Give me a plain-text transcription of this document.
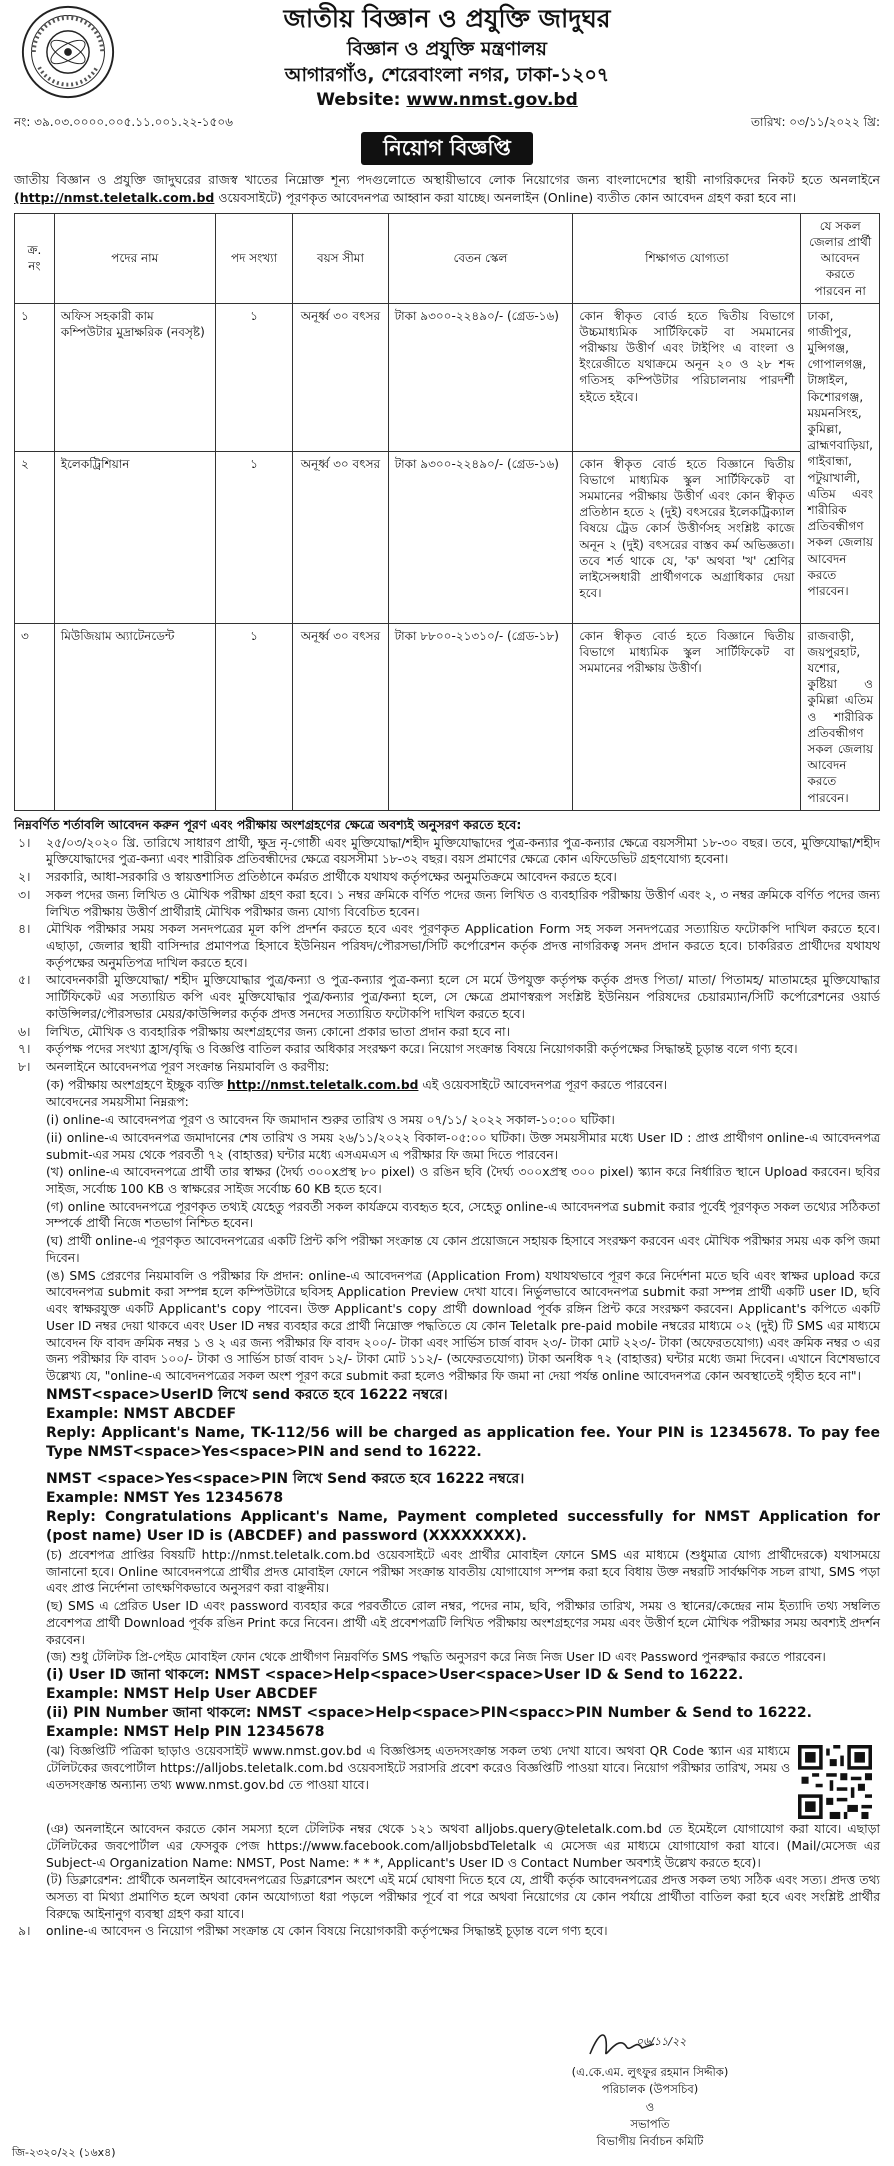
জাতীয় বিজ্ঞান ও প্রযুক্তি জাদুঘর
বিজ্ঞান ও প্রযুক্তি মন্ত্রণালয়
আগারগাঁও, শেরেবাংলা নগর, ঢাকা-১২০৭
Website: www.nmst.gov.bd
নং: ৩৯.০৩.০০০০.০০৫.১১.০০১.২২-১৫০৬	তারিখ: ০৩/১১/২০২২ খ্রি:
নিয়োগ বিজ্ঞপ্তি
জাতীয় বিজ্ঞান ও প্রযুক্তি জাদুঘরের রাজস্ব খাতের নিম্নোক্ত শূন্য পদগুলোতে অস্থায়ীভাবে লোক নিয়োগের জন্য বাংলাদেশের স্থায়ী নাগরিকদের নিকট হতে অনলাইনে (http://nmst.teletalk.com.bd ওয়েবসাইটে) পূরণকৃত আবেদনপত্র আহ্বান করা যাচ্ছে। অনলাইন (Online) ব্যতীত কোন আবেদন গ্রহণ করা হবে না।
ক্র. নং	পদের নাম	পদ সংখ্যা	বয়স সীমা	বেতন স্কেল	শিক্ষাগত যোগ্যতা	যে সকল জেলার প্রার্থী আবেদন করতে পারবেন না
১	অফিস সহকারী কাম কম্পিউটার মুদ্রাক্ষরিক (নবসৃষ্ট)	১	অনূর্ধ্ব ৩০ বৎসর	টাকা ৯৩০০-২২৪৯০/- (গ্রেড-১৬)	কোন স্বীকৃত বোর্ড হতে দ্বিতীয় বিভাগে উচ্চমাধ্যমিক সার্টিফিকেট বা সমমানের পরীক্ষায় উত্তীর্ণ এবং টাইপিং এ বাংলা ও ইংরেজীতে যথাক্রমে অনূন ২০ ও ২৮ শব্দ গতিসহ কম্পিউটার পরিচালনায় পারদর্শী হইতে হইবে।	ঢাকা, গাজীপুর, মুন্সিগঞ্জ, গোপালগঞ্জ, টাঙ্গাইল, কিশোরগঞ্জ, ময়মনসিংহ, কুমিল্লা, ব্রাহ্মণবাড়িয়া, গাইবান্ধা, পটুয়াখালী, এতিম এবং শারীরিক প্রতিবন্ধীগণ সকল জেলায় আবেদন করতে পারবেন।
২	ইলেকট্রিশিয়ান	১	অনূর্ধ্ব ৩০ বৎসর	টাকা ৯৩০০-২২৪৯০/- (গ্রেড-১৬)	কোন স্বীকৃত বোর্ড হতে বিজ্ঞানে দ্বিতীয় বিভাগে মাধ্যমিক স্কুল সার্টিফিকেট বা সমমানের পরীক্ষায় উত্তীর্ণ এবং কোন স্বীকৃত প্রতিষ্ঠান হতে ২ (দুই) বৎসরের ইলেকট্রিক্যাল বিষয়ে ট্রেড কোর্স উত্তীর্ণসহ সংশ্লিষ্ট কাজে অনূন ২ (দুই) বৎসরের বাস্তব কর্ম অভিজ্ঞতা। তবে শর্ত থাকে যে, 'ক' অথবা 'খ' শ্রেণির লাইসেন্সধারী প্রার্থীগণকে অগ্রাধিকার দেয়া হবে।	
৩	মিউজিয়াম অ্যাটেনডেন্ট	১	অনূর্ধ্ব ৩০ বৎসর	টাকা ৮৮০০-২১৩১০/- (গ্রেড-১৮)	কোন স্বীকৃত বোর্ড হতে বিজ্ঞানে দ্বিতীয় বিভাগে মাধ্যমিক স্কুল সার্টিফিকেট বা সমমানের পরীক্ষায় উত্তীর্ণ।	রাজবাড়ী, জয়পুরহাট, যশোর, কুষ্টিয়া ও কুমিল্লা এতিম ও শারীরিক প্রতিবন্ধীগণ সকল জেলায় আবেদন করতে পারবেন।
নিম্নবর্ণিত শর্তাবলি আবেদন করুন পূরণ এবং পরীক্ষায় অংশগ্রহণের ক্ষেত্রে অবশ্যই অনুসরণ করতে হবে:
১।	২৫/০৩/২০২০ খ্রি. তারিখে সাধারণ প্রার্থী, ক্ষুদ্র নৃ-গোষ্ঠী এবং মুক্তিযোদ্ধা/শহীদ মুক্তিযোদ্ধাদের পুত্র-কন্যার পুত্র-কন্যার ক্ষেত্রে বয়সসীমা ১৮-৩০ বছর। তবে, মুক্তিযোদ্ধা/শহীদ মুক্তিযোদ্ধাদের পুত্র-কন্যা এবং শারীরিক প্রতিবন্ধীদের ক্ষেত্রে বয়সসীমা ১৮-৩২ বছর। বয়স প্রমাণের ক্ষেত্রে কোন এফিডেভিট গ্রহণযোগ্য হবেনা।
২।	সরকারি, আধা-সরকারি ও স্বায়ত্তশাসিত প্রতিষ্ঠানে কর্মরত প্রার্থীকে যথাযথ কর্তৃপক্ষের অনুমতিক্রমে আবেদন করতে হবে।
৩।	সকল পদের জন্য লিখিত ও মৌখিক পরীক্ষা গ্রহণ করা হবে। ১ নম্বর ক্রমিকে বর্ণিত পদের জন্য লিখিত ও ব্যবহারিক পরীক্ষায় উত্তীর্ণ এবং ২, ৩ নম্বর ক্রমিকে বর্ণিত পদের জন্য লিখিত পরীক্ষায় উত্তীর্ণ প্রার্থীরাই মৌখিক পরীক্ষার জন্য যোগ্য বিবেচিত হবেন।
৪।	মৌখিক পরীক্ষার সময় সকল সনদপত্রের মূল কপি প্রদর্শন করতে হবে এবং পূরণকৃত Application Form সহ সকল সনদপত্রের সত্যায়িত ফটোকপি দাখিল করতে হবে। এছাড়া, জেলার স্থায়ী বাসিন্দার প্রমাণপত্র হিসাবে ইউনিয়ন পরিষদ/পৌরসভা/সিটি কর্পোরেশন কর্তৃক প্রদত্ত নাগরিকত্ব সনদ প্রদান করতে হবে। চাকরিরত প্রার্থীদের যথাযথ কর্তৃপক্ষের অনুমতিপত্র দাখিল করতে হবে।
৫।	আবেদনকারী মুক্তিযোদ্ধা/ শহীদ মুক্তিযোদ্ধার পুত্র/কন্যা ও পুত্র-কন্যার পুত্র-কন্যা হলে সে মর্মে উপযুক্ত কর্তৃপক্ষ কর্তৃক প্রদত্ত পিতা/ মাতা/ পিতামহ/ মাতামহের মুক্তিযোদ্ধার সার্টিফিকেট এর সত্যায়িত কপি এবং মুক্তিযোদ্ধার পুত্র/কন্যার পুত্র/কন্যা হলে, সে ক্ষেত্রে প্রমাণস্বরূপ সংশ্লিষ্ট ইউনিয়ন পরিষদের চেয়ারম্যান/সিটি কর্পোরেশনের ওয়ার্ড কাউন্সিলর/পৌরসভার মেয়র/কাউন্সিলর কর্তৃক প্রদত্ত সনদের সত্যায়িত ফটোকপি দাখিল করতে হবে।
৬।	লিখিত, মৌখিক ও ব্যবহারিক পরীক্ষায় অংশগ্রহণের জন্য কোনো প্রকার ভাতা প্রদান করা হবে না।
৭।	কর্তৃপক্ষ পদের সংখ্যা হ্রাস/বৃদ্ধি ও বিজ্ঞপ্তি বাতিল করার অধিকার সংরক্ষণ করে। নিয়োগ সংক্রান্ত বিষয়ে নিয়োগকারী কর্তৃপক্ষের সিদ্ধান্তই চূড়ান্ত বলে গণ্য হবে।
৮।	অনলাইনে আবেদনপত্র পূরণ সংক্রান্ত নিয়মাবলি ও করণীয়:
(ক) পরীক্ষায় অংশগ্রহণে ইচ্ছুক ব্যক্তি http://nmst.teletalk.com.bd এই ওয়েবসাইটে আবেদনপত্র পূরণ করতে পারবেন।
আবেদনের সময়সীমা নিম্নরূপ:
(i) online-এ আবেদনপত্র পূরণ ও আবেদন ফি জমাদান শুরুর তারিখ ও সময় ০৭/১১/ ২০২২ সকাল-১০:০০ ঘটিকা।
(ii) online-এ আবেদনপত্র জমাদানের শেষ তারিখ ও সময় ২৬/১১/২০২২ বিকাল-০৫:০০ ঘটিকা। উক্ত সময়সীমার মধ্যে User ID : প্রাপ্ত প্রার্থীগণ online-এ আবেদনপত্র submit-এর সময় থেকে পরবর্তী ৭২ (বাহাত্তর) ঘন্টার মধ্যে এসএমএস এ পরীক্ষার ফি জমা দিতে পারবেন।
(খ) online-এ আবেদনপত্রে প্রার্থী তার স্বাক্ষর (দৈর্ঘ্য ৩০০xপ্রস্থ ৮০ pixel) ও রঙিন ছবি (দৈর্ঘ্য ৩০০xপ্রস্থ ৩০০ pixel) স্ক্যান করে নির্ধারিত স্থানে Upload করবেন। ছবির সাইজ, সর্বোচ্চ 100 KB ও স্বাক্ষরের সাইজ সর্বোচ্চ 60 KB হতে হবে।
(গ) online আবেদনপত্রে পূরণকৃত তথ্যই যেহেতু পরবর্তী সকল কার্যক্রমে ব্যবহৃত হবে, সেহেতু online-এ আবেদনপত্র submit করার পূর্বেই পূরণকৃত সকল তথ্যের সঠিকতা সম্পর্কে প্রার্থী নিজে শতভাগ নিশ্চিত হবেন।
(ঘ) প্রার্থী online-এ পূরণকৃত আবেদনপত্রের একটি প্রিন্ট কপি পরীক্ষা সংক্রান্ত যে কোন প্রয়োজনে সহায়ক হিসাবে সংরক্ষণ করবেন এবং মৌখিক পরীক্ষার সময় এক কপি জমা দিবেন।
(ঙ) SMS প্রেরণের নিয়মাবলি ও পরীক্ষার ফি প্রদান: online-এ আবেদনপত্র (Application From) যথাযথভাবে পূরণ করে নির্দেশনা মতে ছবি এবং স্বাক্ষর upload করে আবেদনপত্র submit করা সম্পন্ন হলে কম্পিউটারে ছবিসহ Application Preview দেখা যাবে। নির্ভুলভাবে আবেদনপত্র submit করা সম্পন্ন প্রার্থী একটি user ID, ছবি এবং স্বাক্ষরযুক্ত একটি Applicant's copy পাবেন। উক্ত Applicant's copy প্রার্থী download পূর্বক রঙ্গিন প্রিন্ট করে সংরক্ষণ করবেন। Applicant's কপিতে একটি User ID নম্বর দেয়া থাকবে এবং User ID নম্বর ব্যবহার করে প্রার্থী নিম্নোক্ত পদ্ধতিতে যে কোন Teletalk pre-paid mobile নম্বরের মাধ্যমে ০২ (দুই) টি SMS এর মাধ্যমে আবেদন ফি বাবদ ক্রমিক নম্বর ১ ও ২ এর জন্য পরীক্ষার ফি বাবদ ২০০/- টাকা এবং সার্ভিস চার্জ বাবদ ২৩/- টাকা মোট ২২৩/- টাকা (অফেরতযোগ্য) এবং ক্রমিক নম্বর ৩ এর জন্য পরীক্ষার ফি বাবদ ১০০/- টাকা ও সার্ভিস চার্জ বাবদ ১২/- টাকা মোট ১১২/- (অফেরতযোগ্য) টাকা অনধিক ৭২ (বাহাত্তর) ঘন্টার মধ্যে জমা দিবেন। এখানে বিশেষভাবে উল্লেখ্য যে, "online-এ আবেদনপত্রের সকল অংশ পূরণ করে submit করা হলেও পরীক্ষার ফি জমা না দেয়া পর্যন্ত online আবেদনপত্র কোন অবস্থাতেই গৃহীত হবে না"।
NMST<space>UserID লিখে send করতে হবে 16222 নম্বরে।
Example: NMST ABCDEF
Reply: Applicant's Name, TK-112/56 will be charged as application fee. Your PIN is 12345678. To pay fee Type NMST<space>Yes<space>PIN and send to 16222.
NMST <space>Yes<space>PIN লিখে Send করতে হবে 16222 নম্বরে।
Example: NMST Yes 12345678
Reply: Congratulations Applicant's Name, Payment completed successfully for NMST Application for (post name) User ID is (ABCDEF) and password (XXXXXXXX).
(চ) প্রবেশপত্র প্রাপ্তির বিষয়টি http://nmst.teletalk.com.bd ওয়েবসাইটে এবং প্রার্থীর মোবাইল ফোনে SMS এর মাধ্যমে (শুধুমাত্র যোগ্য প্রার্থীদেরকে) যথাসময়ে জানানো হবে। Online আবেদনপত্রে প্রার্থীর প্রদত্ত মোবাইল ফোনে পরীক্ষা সংক্রান্ত যাবতীয় যোগাযোগ সম্পন্ন করা হবে বিধায় উক্ত নম্বরটি সার্বক্ষণিক সচল রাখা, SMS পড়া এবং প্রাপ্ত নির্দেশনা তাৎক্ষণিকভাবে অনুসরণ করা বাঞ্ছনীয়।
(ছ) SMS এ প্রেরিত User ID এবং password ব্যবহার করে পরবর্তীতে রোল নম্বর, পদের নাম, ছবি, পরীক্ষার তারিখ, সময় ও স্থানের/কেন্দ্রের নাম ইত্যাদি তথ্য সম্বলিত প্রবেশপত্র প্রার্থী Download পূর্বক রঙিন Print করে নিবেন। প্রার্থী এই প্রবেশপত্রটি লিখিত পরীক্ষায় অংশগ্রহণের সময় এবং উত্তীর্ণ হলে মৌখিক পরীক্ষার সময় অবশ্যই প্রদর্শন করবেন।
(জ) শুধু টেলিটক প্রি-পেইড মোবাইল ফোন থেকে প্রার্থীগণ নিম্নবর্ণিত SMS পদ্ধতি অনুসরণ করে নিজ নিজ User ID এবং Password পুনরুদ্ধার করতে পারবেন।
(i) User ID জানা থাকলে: NMST <space>Help<space>User<space>User ID & Send to 16222.
Example: NMST Help User ABCDEF
(ii) PIN Number জানা থাকলে: NMST <space>Help<space>PIN<spacc>PIN Number & Send to 16222.
Example: NMST Help PIN 12345678
(ঝ) বিজ্ঞপ্তিটি পত্রিকা ছাড়াও ওয়েবসাইট www.nmst.gov.bd এ বিজ্ঞপ্তিসহ এতদসংক্রান্ত সকল তথ্য দেখা যাবে। অথবা QR Code স্ক্যান এর মাধ্যমে টেলিটকের জবপোর্টাল https://alljobs.teletalk.com.bd ওয়েবসাইটে সরাসরি প্রবেশ করেও বিজ্ঞপ্তিটি পাওয়া যাবে। নিয়োগ পরীক্ষার তারিখ, সময় ও এতদসংক্রান্ত অন্যান্য তথ্য www.nmst.gov.bd তে পাওয়া যাবে।
(ঞ) অনলাইনে আবেদন করতে কোন সমস্যা হলে টেলিটক নম্বর থেকে ১২১ অথবা alljobs.query@teletalk.com.bd তে ইমেইলে যোগাযোগ করা যাবে। এছাড়া টেলিটকের জবপোর্টাল এর ফেসবুক পেজ https://www.facebook.com/alljobsbdTeletalk এ মেসেজ এর মাধ্যমে যোগাযোগ করা যাবে। (Mail/মেসেজ এর Subject-এ Organization Name: NMST, Post Name: * * *, Applicant's User ID ও Contact Number অবশ্যই উল্লেখ করতে হবে)।
(ট) ডিক্লারেশন: প্রার্থীকে অনলাইন আবেদনপত্রের ডিক্লারেশন অংশে এই মর্মে ঘোষণা দিতে হবে যে, প্রার্থী কর্তৃক আবেদনপত্রের প্রদত্ত সকল তথ্য সঠিক এবং সত্য। প্রদত্ত তথ্য অসত্য বা মিথ্যা প্রমাণিত হলে অথবা কোন অযোগ্যতা ধরা পড়লে পরীক্ষার পূর্বে বা পরে অথবা নিয়োগের যে কোন পর্যায়ে প্রার্থীতা বাতিল করা হবে এবং সংশ্লিষ্ট প্রার্থীর বিরুদ্ধে আইনানুগ ব্যবস্থা গ্রহণ করা যাবে।
৯।	online-এ আবেদন ও নিয়োগ পরীক্ষা সংক্রান্ত যে কোন বিষয়ে নিয়োগকারী কর্তৃপক্ষের সিদ্ধান্তই চূড়ান্ত বলে গণ্য হবে।
০৬/১১/২২
(এ.কে.এম. লুৎফুর রহমান সিদ্দীক)
পরিচালক (উপসচিব)
ও
সভাপতি
বিভাগীয় নির্বাচন কমিটি
জি-২৩২০/২২ (১৬x৪)
